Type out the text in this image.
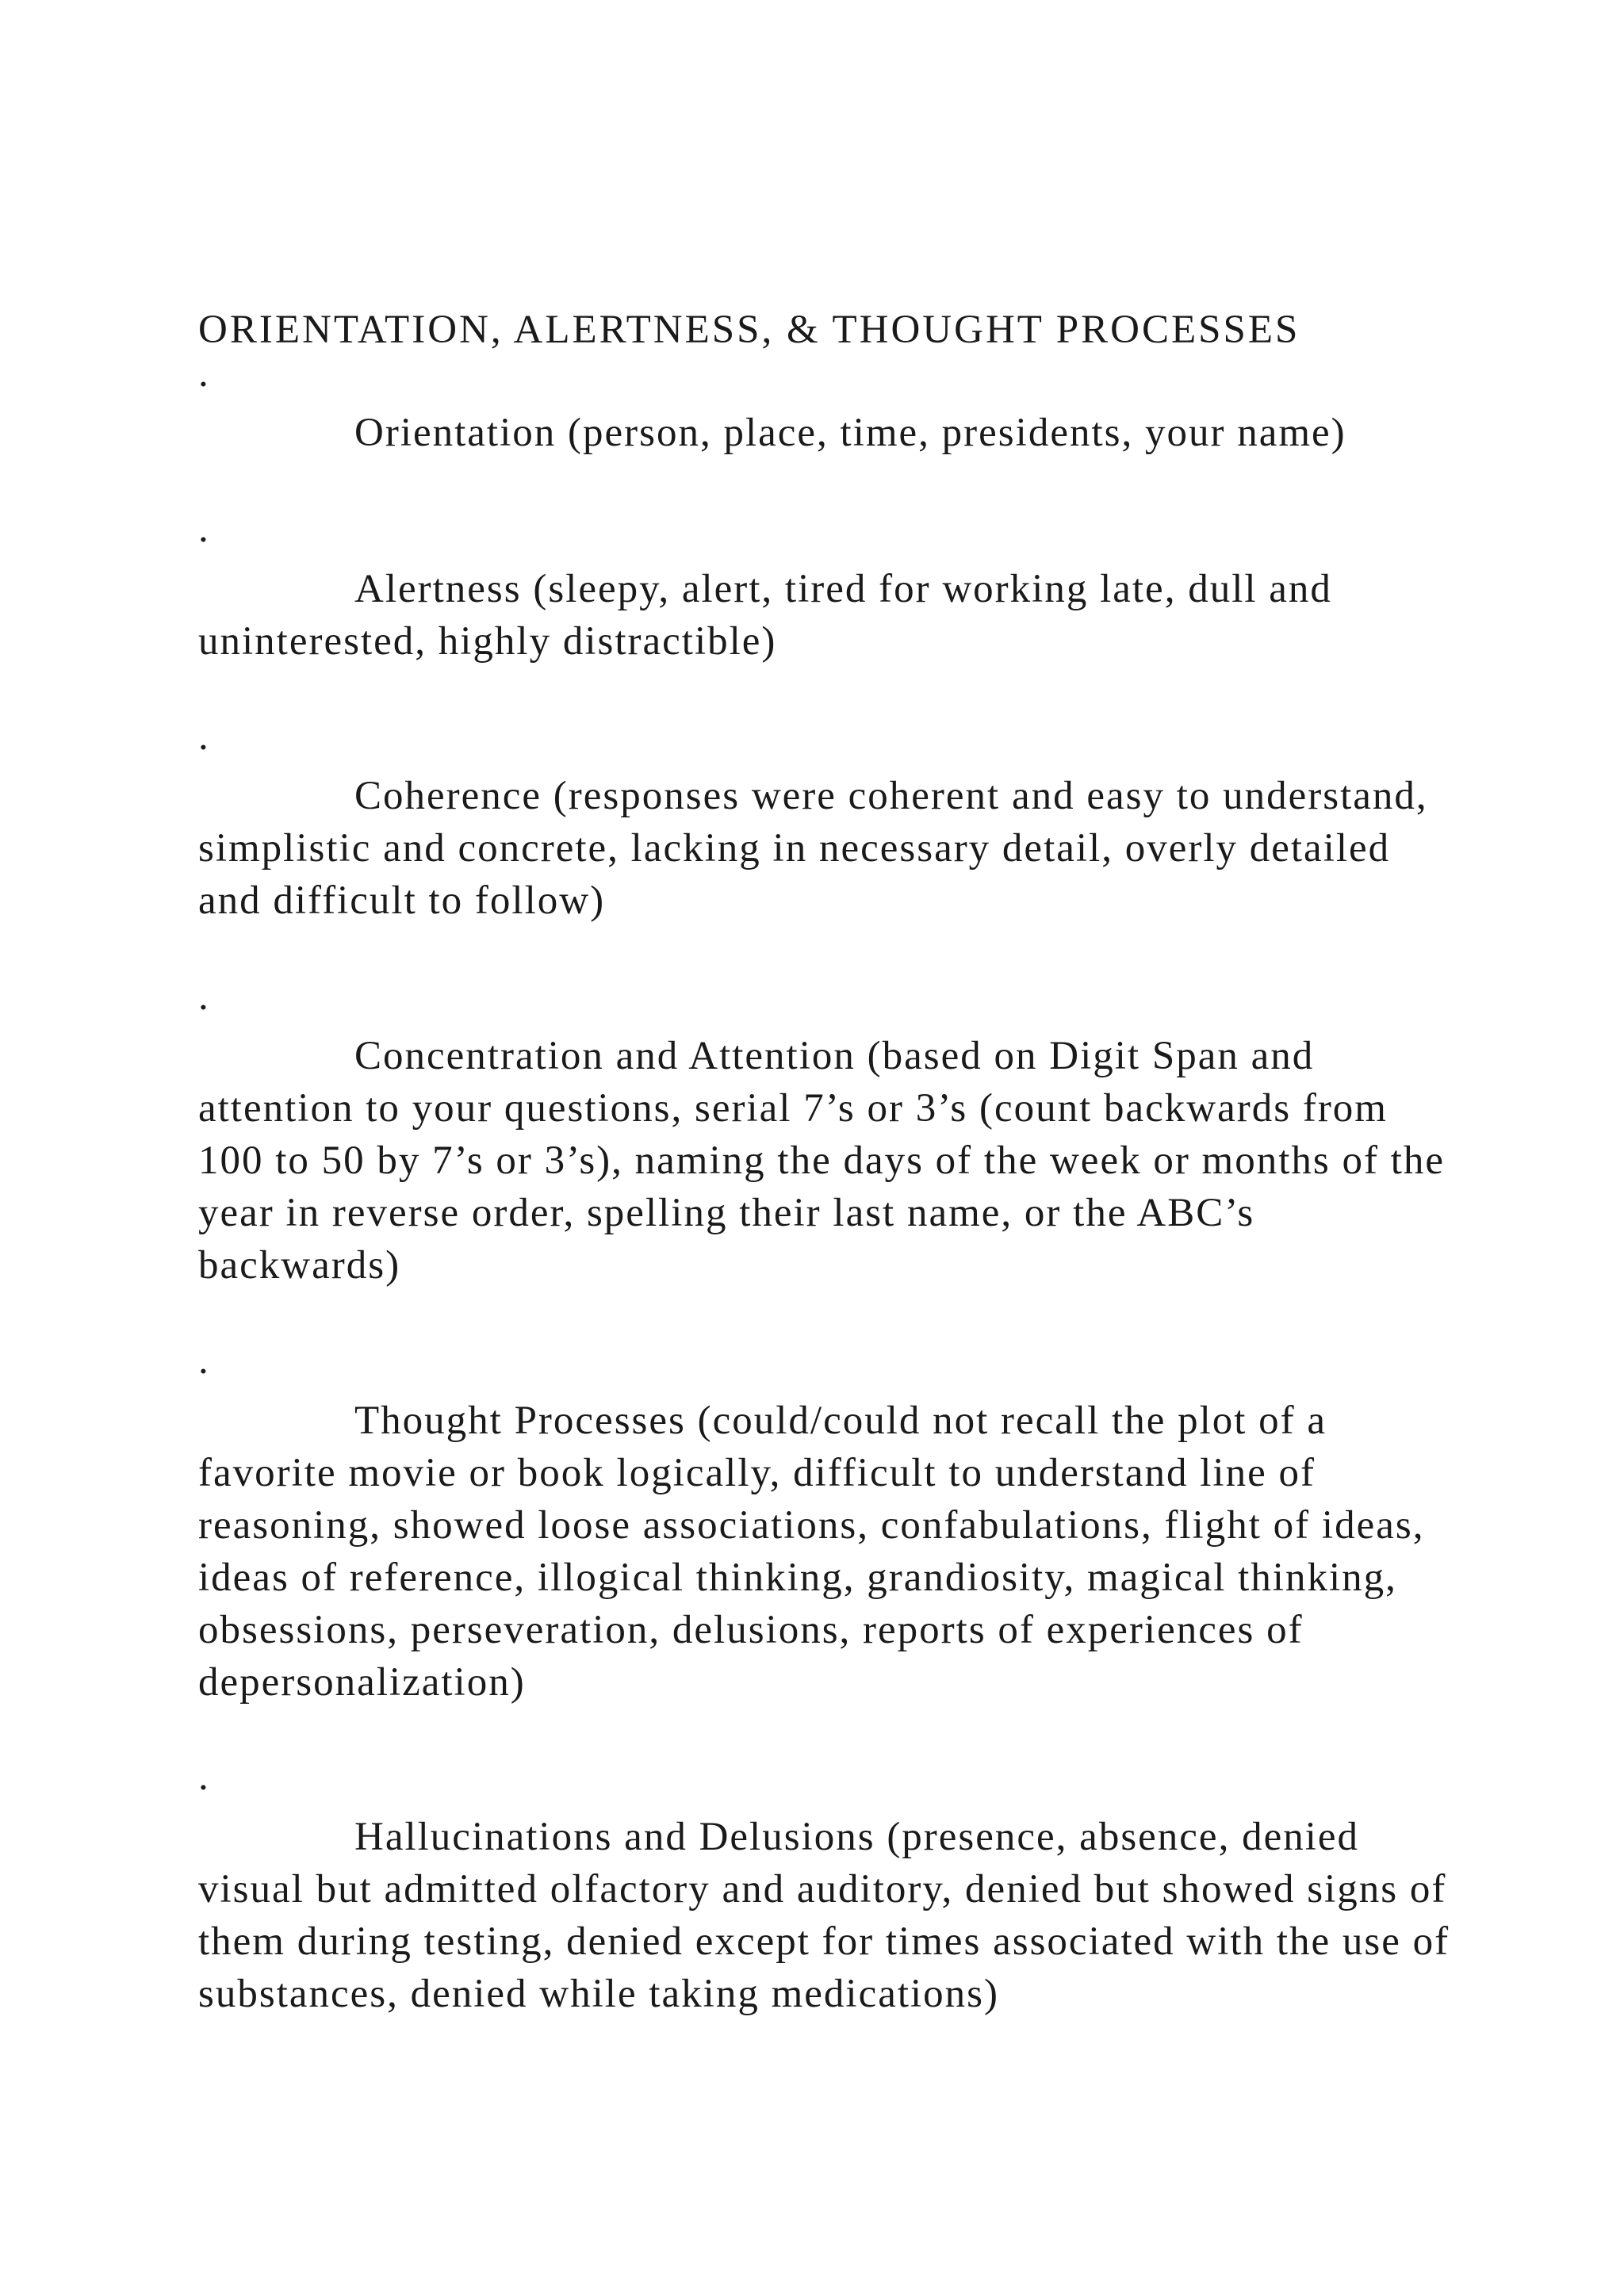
ORIENTATION, ALERTNESS, & THOUGHT PROCESSES
.
Orientation (person, place, time, presidents, your name)
.
Alertness (sleepy, alert, tired for working late, dull and uninterested, highly distractible)
.
Coherence (responses were coherent and easy to understand, simplistic and concrete, lacking in necessary detail, overly detailed and difficult to follow)
.
Concentration and Attention (based on Digit Span and attention to your questions, serial 7’s or 3’s (count backwards from 100 to 50 by 7’s or 3’s), naming the days of the week or months of the year in reverse order, spelling their last name, or the ABC’s backwards)
.
Thought Processes (could/could not recall the plot of a favorite movie or book logically, difficult to understand line of reasoning, showed loose associations, confabulations, flight of ideas, ideas of reference, illogical thinking, grandiosity, magical thinking, obsessions, perseveration, delusions, reports of experiences of depersonalization)
.
Hallucinations and Delusions (presence, absence, denied visual but admitted olfactory and auditory, denied but showed signs of them during testing, denied except for times associated with the use of substances, denied while taking medications)
